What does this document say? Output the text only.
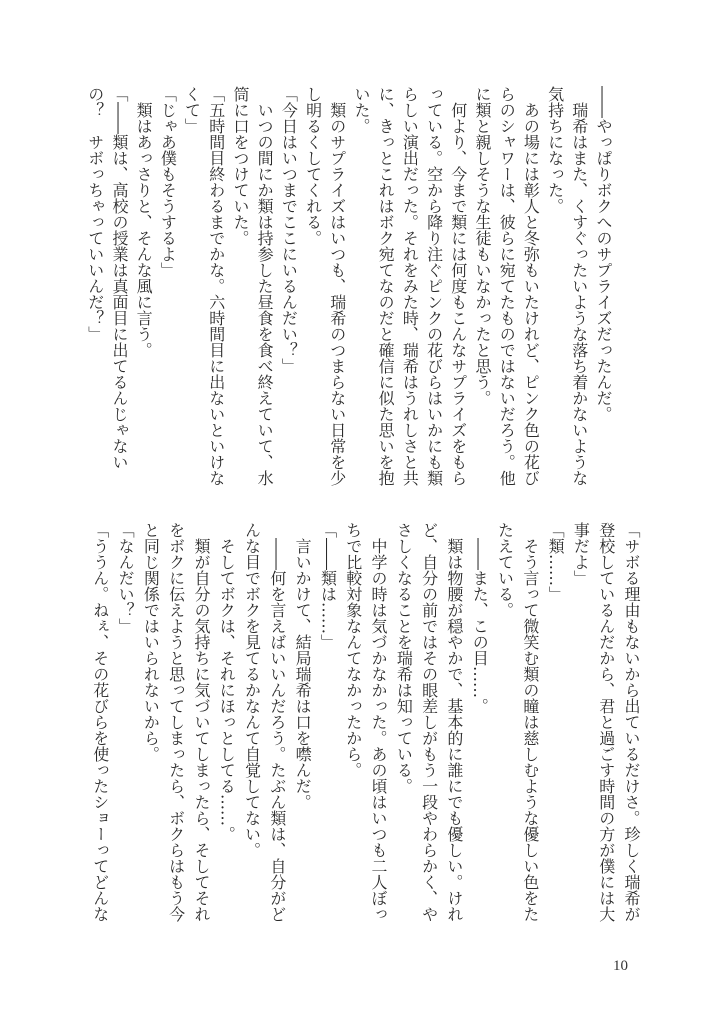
――やっぱりボクへのサプライズだったんだ。
　瑞希はまた、くすぐったいような落ち着かないような
気持ちになった。
　あの場には彰人と冬弥もいたけれど、ピンク色の花び
らのシャワーは、彼らに宛てたものではないだろう。他
に類と親しそうな生徒もいなかったと思う。
　何より、今まで類には何度もこんなサプライズをもら
っている。空から降り注ぐピンクの花びらはいかにも類
らしい演出だった。それをみた時、瑞希はうれしさと共
に、きっとこれはボク宛てなのだと確信に似た思いを抱
いた。
　類のサプライズはいつも、瑞希のつまらない日常を少
し明るくしてくれる。
「今日はいつまでここにいるんだい？」
　いつの間にか類は持参した昼食を食べ終えていて、水
筒に口をつけていた。
「五時間目終わるまでかな。六時間目に出ないといけな
くて」
「じゃあ僕もそうするよ」
　類はあっさりと、そんな風に言う。
「――類は、高校の授業は真面目に出てるんじゃない
の？　サボっちゃっていいんだ？」
「サボる理由もないから出ているだけさ。珍しく瑞希が
登校しているんだから、君と過ごす時間の方が僕には大
事だよ」
「類……」
　そう言って微笑む類の瞳は慈しむような優しい色をた
たえている。
　――また、この目……。
　類は物腰が穏やかで、基本的に誰にでも優しい。けれ
ど、自分の前ではその眼差しがもう一段やわらかく、や
さしくなることを瑞希は知っている。
　中学の時は気づかなかった。あの頃はいつも二人ぼっ
ちで比較対象なんてなかったから。
「――類は……」
　言いかけて、結局瑞希は口を噤んだ。
　――何を言えばいいんだろう。たぶん類は、自分がど
んな目でボクを見てるかなんて自覚してない。
　そしてボクは、それにほっとしてる……。
　類が自分の気持ちに気づいてしまったら、そしてそれ
をボクに伝えようと思ってしまったら、ボクらはもう今
と同じ関係ではいられないから。
「なんだい？」
「ううん。ねぇ、その花びらを使ったショーってどんな
10
